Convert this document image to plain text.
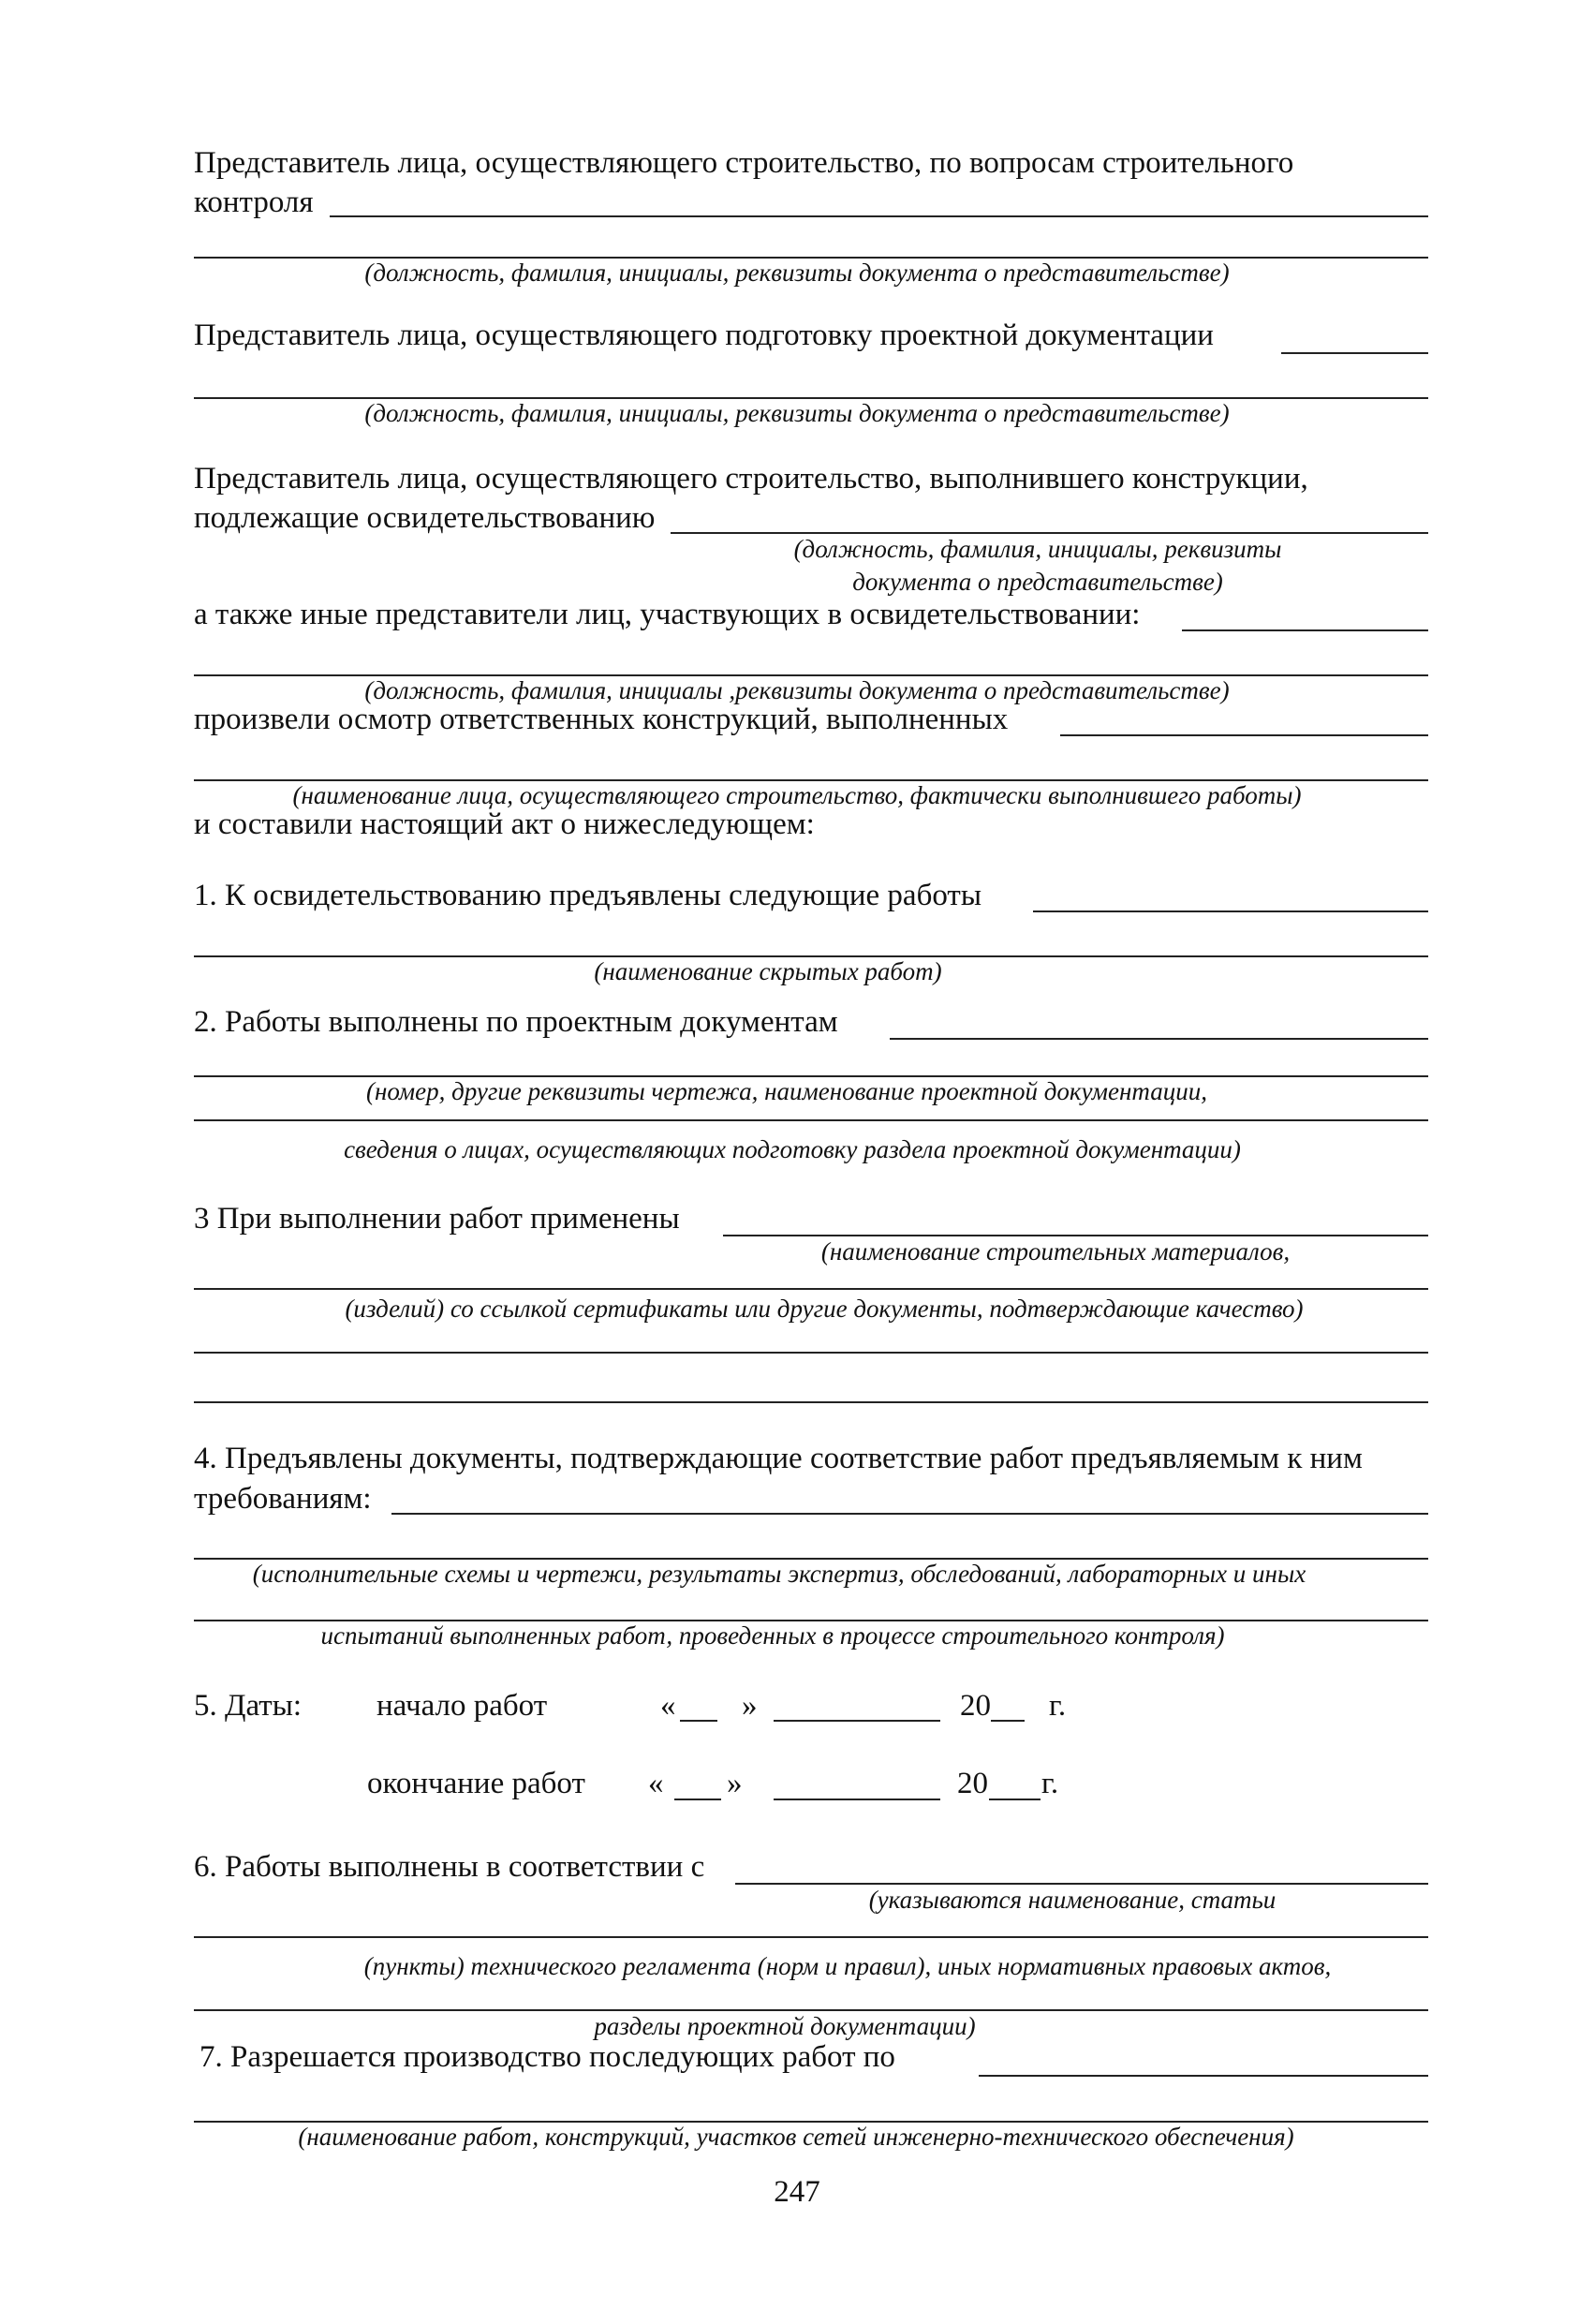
Представитель лица, осуществляющего строительство, по вопросам строительного
контроля
(должность, фамилия, инициалы, реквизиты документа о представительстве)
Представитель лица, осуществляющего подготовку проектной документации
(должность, фамилия, инициалы, реквизиты документа о представительстве)
Представитель лица, осуществляющего строительство, выполнившего конструкции,
подлежащие освидетельствованию
(должность, фамилия, инициалы, реквизиты
документа о представительстве)
а также иные представители лиц, участвующих в освидетельствовании:
(должность, фамилия, инициалы ,реквизиты документа о представительстве)
произвели осмотр ответственных конструкций, выполненных
(наименование лица, осуществляющего строительство, фактически выполнившего работы)
и составили настоящий акт о нижеследующем:
1. К освидетельствованию предъявлены следующие работы
(наименование скрытых работ)
2. Работы выполнены по проектным документам
(номер, другие реквизиты чертежа, наименование проектной документации,
сведения о лицах, осуществляющих подготовку раздела проектной документации)
3 При выполнении работ применены
(наименование строительных материалов,
(изделий) со ссылкой сертификаты или другие документы, подтверждающие качество)
4. Предъявлены документы, подтверждающие соответствие работ предъявляемым к ним
требованиям:
(исполнительные схемы и чертежи, результаты экспертиз, обследований, лабораторных и иных
испытаний выполненных работ, проведенных в процессе строительного контроля)
5. Даты: начало работ	« »	20 г.
окончание работ « »	20 г.
6. Работы выполнены в соответствии с
(указываются наименование, статьи
(пункты) технического регламента (норм и правил), иных нормативных правовых актов,
разделы проектной документации)
7. Разрешается производство последующих работ по
(наименование работ, конструкций, участков сетей инженерно-технического обеспечения)
247
